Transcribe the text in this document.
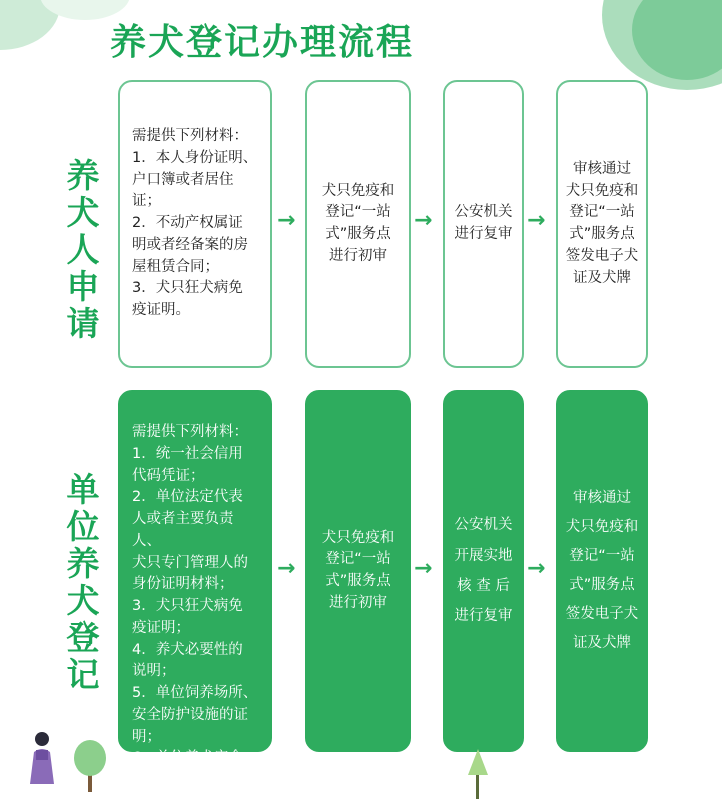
养犬登记办理流程
养
犬
人
申
请
需提供下列材料：
1．本人身份证明、
户口簿或者居住
证；
2．不动产权属证
明或者经备案的房
屋租赁合同；
3．犬只狂犬病免
疫证明。
→
犬只免疫和
登记“一站
式”服务点
进行初审
→ 公安机关
进行复审
→
审核通过
犬只免疫和
登记“一站
式”服务点
签发电子犬
证及犬牌
单
位
养
犬
登
记
需提供下列材料：
1．统一社会信用
代码凭证；
2．单位法定代表
人或者主要负责人、
犬只专门管理人的
身份证明材料；
3．犬只狂犬病免
疫证明；
4．养犬必要性的
说明；
5．单位饲养场所、
安全防护设施的证
明；
6．单位养犬安全
管理制度。
→
犬只免疫和
登记“一站
式”服务点
进行初审
→
公安机关
开展实地
核 查 后
进行复审
→
审核通过
犬只免疫和
登记“一站
式”服务点
签发电子犬
证及犬牌
